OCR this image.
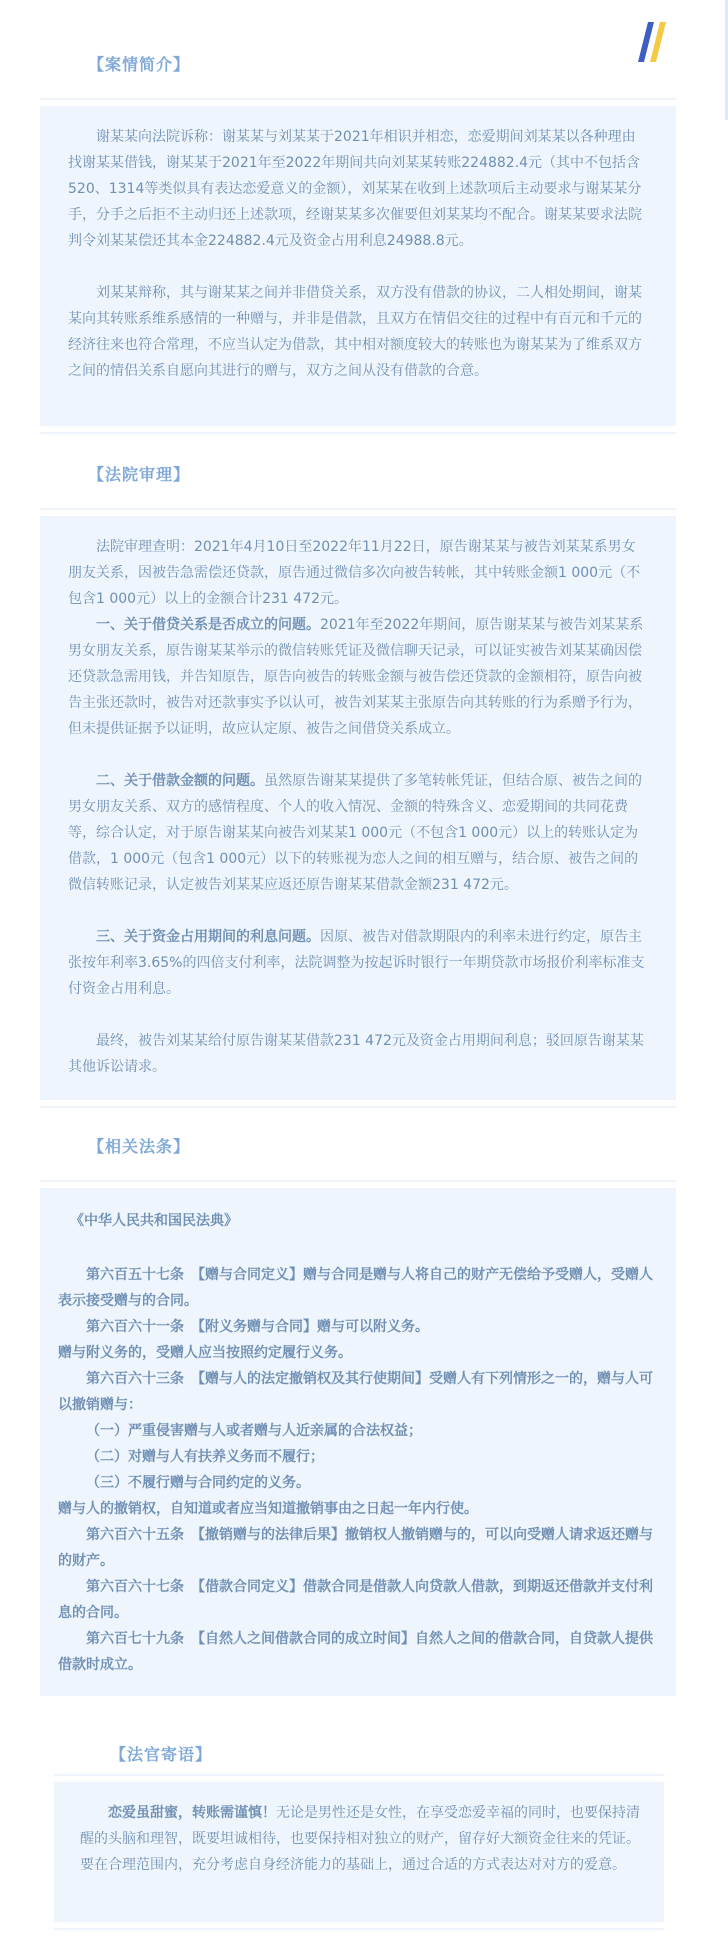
【案情简介】

谢某某向法院诉称：谢某某与刘某某于2021年相识并相恋，恋爱期间刘某某以各种理由找谢某某借钱，谢某某于2021年至2022年期间共向刘某某转账224882.4元（其中不包括含520、1314等类似具有表达恋爱意义的金额），刘某某在收到上述款项后主动要求与谢某某分手，分手之后拒不主动归还上述款项，经谢某某多次催要但刘某某均不配合。谢某某要求法院判令刘某某偿还其本金224882.4元及资金占用利息24988.8元。

刘某某辩称，其与谢某某之间并非借贷关系，双方没有借款的协议，二人相处期间，谢某某向其转账系维系感情的一种赠与，并非是借款，且双方在情侣交往的过程中有百元和千元的经济往来也符合常理，不应当认定为借款，其中相对额度较大的转账也为谢某某为了维系双方之间的情侣关系自愿向其进行的赠与，双方之间从没有借款的合意。

【法院审理】

法院审理查明：2021年4月10日至2022年11月22日，原告谢某某与被告刘某某系男女朋友关系，因被告急需偿还贷款，原告通过微信多次向被告转帐，其中转账金额1 000元（不包含1 000元）以上的金额合计231 472元。

一、关于借贷关系是否成立的问题。2021年至2022年期间，原告谢某某与被告刘某某系男女朋友关系，原告谢某某举示的微信转账凭证及微信聊天记录，可以证实被告刘某某确因偿还贷款急需用钱，并告知原告，原告向被告的转账金额与被告偿还贷款的金额相符，原告向被告主张还款时，被告对还款事实予以认可，被告刘某某主张原告向其转账的行为系赠予行为，但未提供证据予以证明，故应认定原、被告之间借贷关系成立。

二、关于借款金额的问题。虽然原告谢某某提供了多笔转帐凭证，但结合原、被告之间的男女朋友关系、双方的感情程度、个人的收入情况、金额的特殊含义、恋爱期间的共同花费等，综合认定，对于原告谢某某向被告刘某某1 000元（不包含1 000元）以上的转账认定为借款，1 000元（包含1 000元）以下的转账视为恋人之间的相互赠与，结合原、被告之间的微信转账记录，认定被告刘某某应返还原告谢某某借款金额231 472元。

三、关于资金占用期间的利息问题。因原、被告对借款期限内的利率未进行约定，原告主张按年利率3.65%的四倍支付利率，法院调整为按起诉时银行一年期贷款市场报价利率标准支付资金占用利息。

最终，被告刘某某给付原告谢某某借款231 472元及资金占用期间利息；驳回原告谢某某其他诉讼请求。

【相关法条】

《中华人民共和国民法典》

第六百五十七条　【赠与合同定义】赠与合同是赠与人将自己的财产无偿给予受赠人，受赠人表示接受赠与的合同。

第六百六十一条　【附义务赠与合同】赠与可以附义务。

赠与附义务的，受赠人应当按照约定履行义务。

第六百六十三条　【赠与人的法定撤销权及其行使期间】受赠人有下列情形之一的，赠与人可以撤销赠与：

（一）严重侵害赠与人或者赠与人近亲属的合法权益；

（二）对赠与人有扶养义务而不履行；

（三）不履行赠与合同约定的义务。

赠与人的撤销权，自知道或者应当知道撤销事由之日起一年内行使。

第六百六十五条　【撤销赠与的法律后果】撤销权人撤销赠与的，可以向受赠人请求返还赠与的财产。

第六百六十七条　【借款合同定义】借款合同是借款人向贷款人借款，到期返还借款并支付利息的合同。

第六百七十九条　【自然人之间借款合同的成立时间】自然人之间的借款合同，自贷款人提供借款时成立。

【法官寄语】

恋爱虽甜蜜，转账需谨慎！无论是男性还是女性，在享受恋爱幸福的同时，也要保持清醒的头脑和理智，既要坦诚相待，也要保持相对独立的财产，留存好大额资金往来的凭证。要在合理范围内，充分考虑自身经济能力的基础上，通过合适的方式表达对对方的爱意。
